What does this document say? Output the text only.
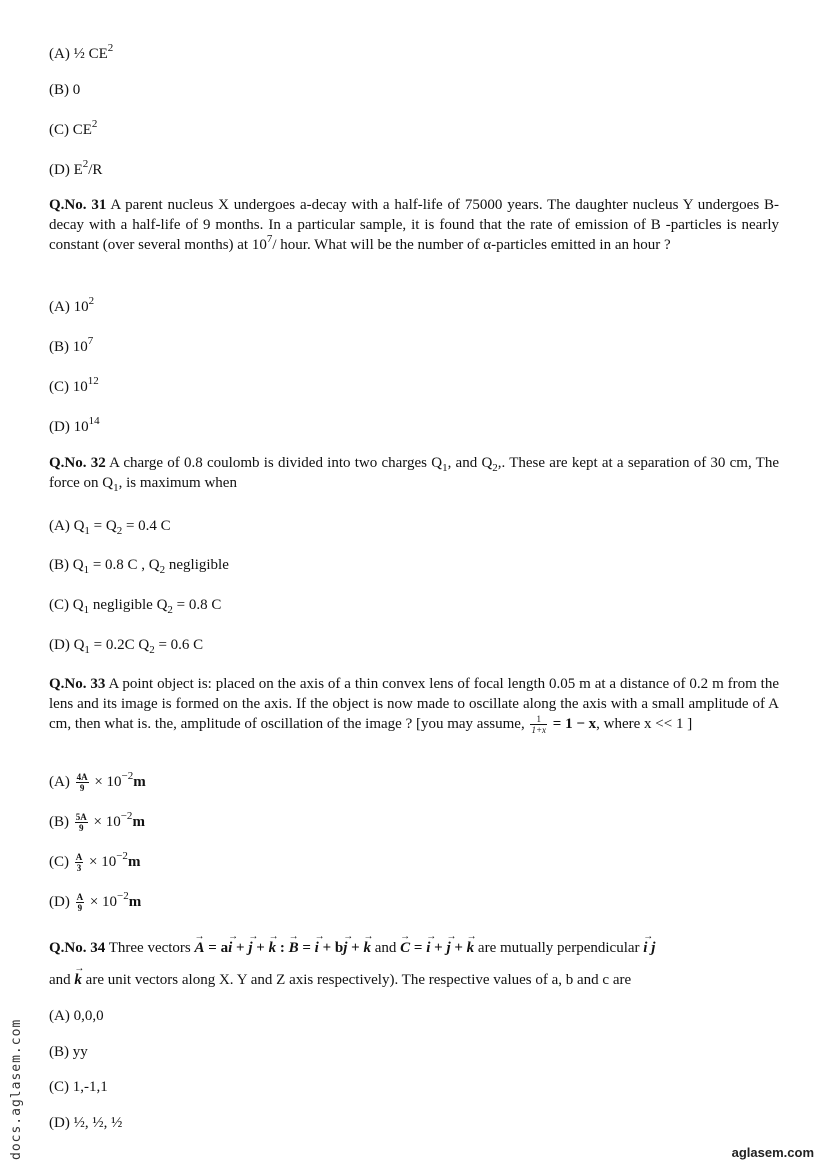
(A) ½ $CE^2$
(B) 0
(C) $CE^2$
(D) $E^2/R$
Q.No. 31 A parent nucleus X undergoes a-decay with a half-life of 75000 years. The daughter nucleus Y undergoes B-decay with a half-life of 9 months. In a particular sample, it is found that the rate of emission of B -particles is nearly constant (over several months) at $10^7/$ hour. What will be the number of α-particles emitted in an hour ?
(A) $10^2$
(B) $10^7$
(C) $10^{12}$
(D) $10^{14}$
Q.No. 32 A charge of 0.8 coulomb is divided into two charges $Q_1$, and $Q_2$,. These are kept at a separation of 30 cm, The force on $Q_1$, is maximum when
(A) $Q_1 = Q_2 = 0.4$ C
(B) $Q_1 = 0.8$ C , $Q_2$ negligible
(C) $Q_1$ negligible $Q_2 = 0.8$ C
(D) $Q_1 = 0.2C$ $Q_2 = 0.6$ C
Q.No. 33 A point object is: placed on the axis of a thin convex lens of focal length 0.05 m at a distance of 0.2 m from the lens and its image is formed on the axis. If the object is now made to oscillate along the axis with a small amplitude of A cm, then what is. the, amplitude of oscillation of the image ? [you may assume, $\frac{1}{1+x} = 1 - x$, where x << 1 ]
$(A) \frac{4A}{9} \times 10^{-2}m$
$(B) \frac{5A}{9} \times 10^{-2}m$
$(C) \frac{A}{3} \times 10^{-2}m$
$(D) \frac{A}{9} \times 10^{-2}m$
Q.No. 34 Three vectors → A = a→ i + → j + → k : → B = → i + b→ j + → k and → C = → i + → j + → k are mutually perpendicular → i j
and → k are unit vectors along X. Y and Z axis respectively). The respective values of a, b and c are
(A) 0,0,0
(B) yy
(C) 1,-1,1
(D) ½, ½, ½
docs.aglasem.com	aglasem.com
